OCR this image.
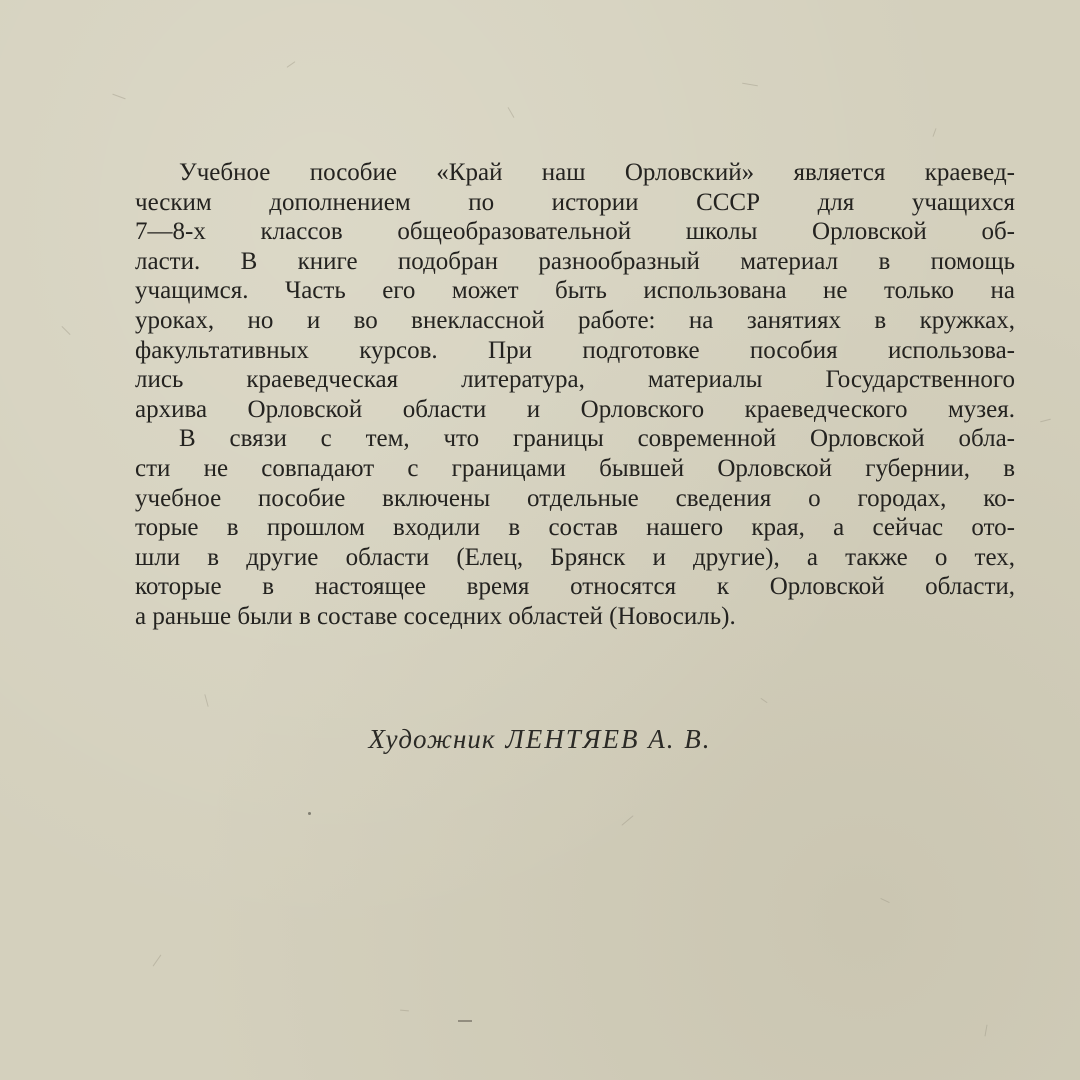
Учебное пособие «Край наш Орловский» является краевед-
ческим дополнением по истории СССР для учащихся
7—8-х классов общеобразовательной школы Орловской об-
ласти. В книге подобран разнообразный материал в помощь
учащимся. Часть его может быть использована не только на
уроках, но и во внеклассной работе: на занятиях в кружках,
факультативных курсов. При подготовке пособия использова-
лись краеведческая литература, материалы Государственного
архива Орловской области и Орловского краеведческого музея.
В связи с тем, что границы современной Орловской обла-
сти не совпадают с границами бывшей Орловской губернии, в
учебное пособие включены отдельные сведения о городах, ко-
торые в прошлом входили в состав нашего края, а сейчас ото-
шли в другие области (Елец, Брянск и другие), а также о тех,
которые в настоящее время относятся к Орловской области,
а раньше были в составе соседних областей (Новосиль).
Художник ЛЕНТЯЕВ А. В.
